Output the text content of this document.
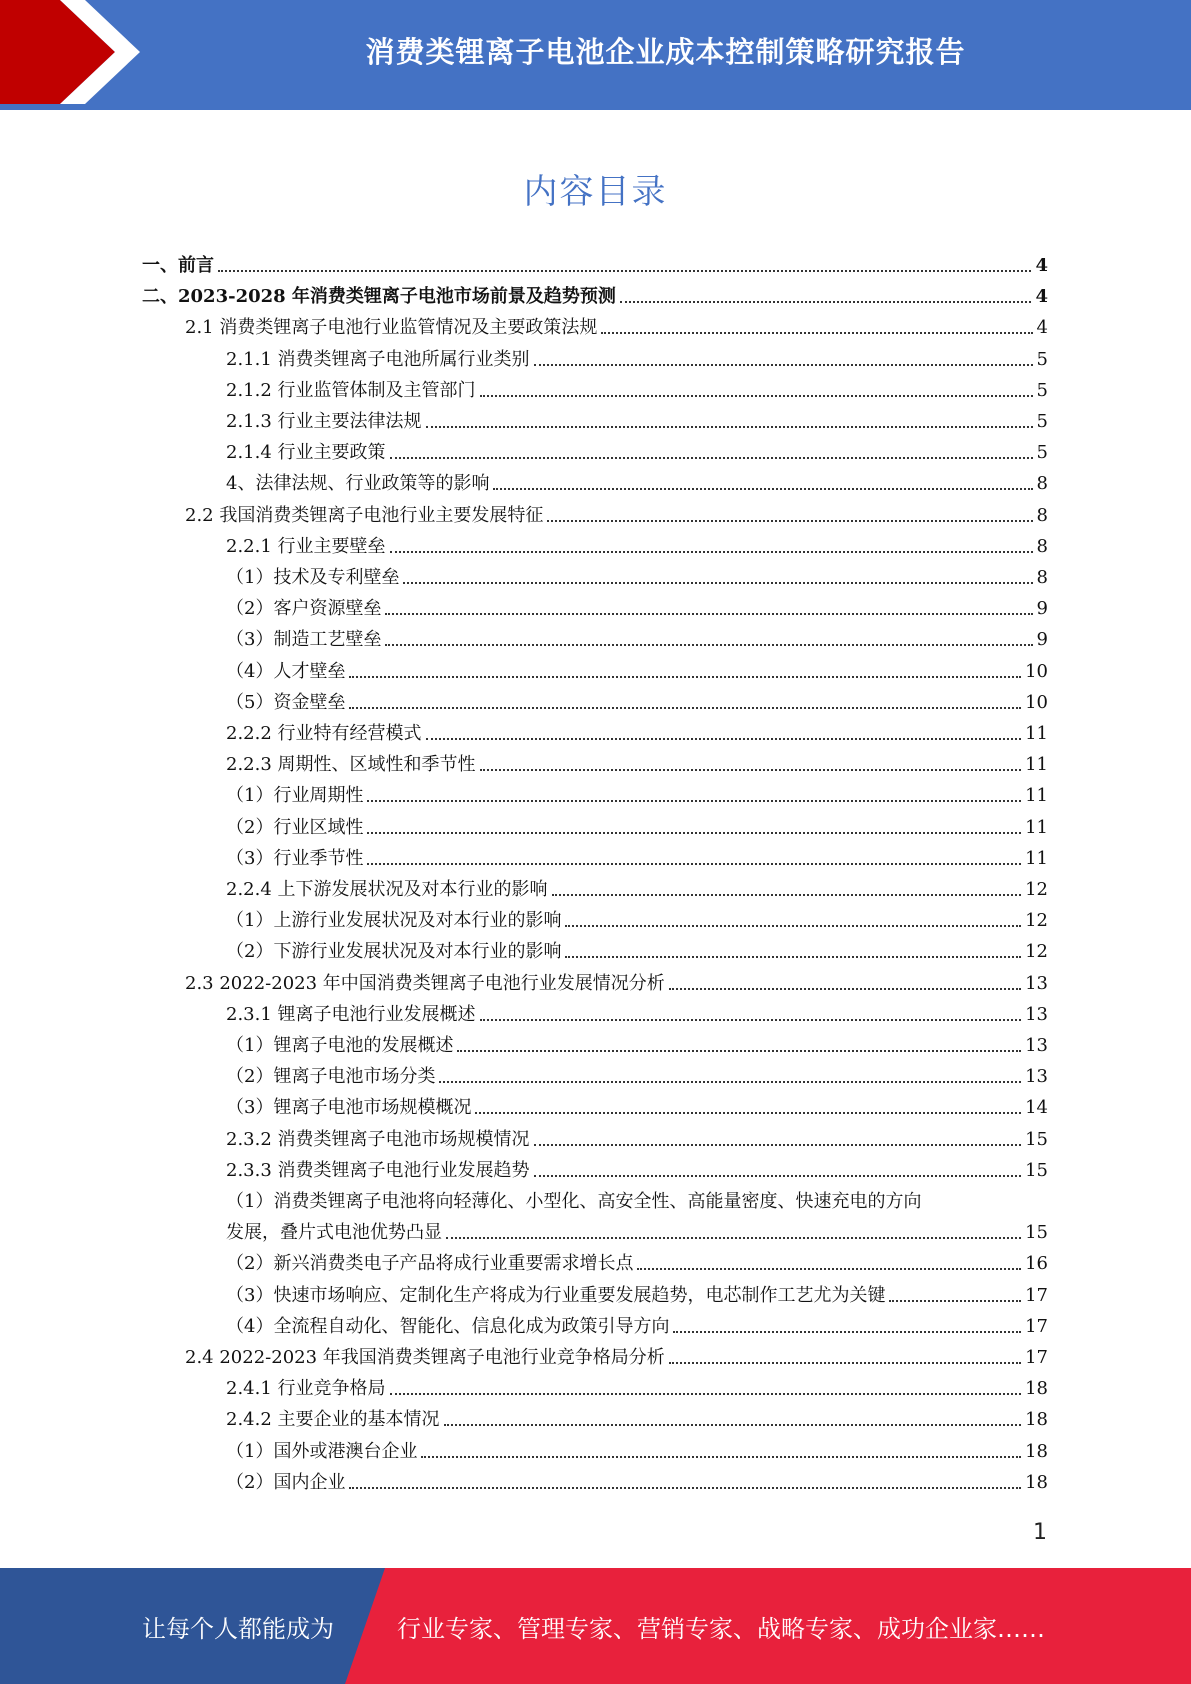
消费类锂离子电池企业成本控制策略研究报告
内容目录
一、前言	4
二、2023-2028 年消费类锂离子电池市场前景及趋势预测	4
2.1 消费类锂离子电池行业监管情况及主要政策法规	4
2.1.1 消费类锂离子电池所属行业类别	5
2.1.2 行业监管体制及主管部门	5
2.1.3 行业主要法律法规	5
2.1.4 行业主要政策	5
4、法律法规、行业政策等的影响	8
2.2 我国消费类锂离子电池行业主要发展特征	8
2.2.1 行业主要壁垒	8
（1）技术及专利壁垒	8
（2）客户资源壁垒	9
（3）制造工艺壁垒	9
（4）人才壁垒	10
（5）资金壁垒	10
2.2.2 行业特有经营模式	11
2.2.3 周期性、区域性和季节性	11
（1）行业周期性	11
（2）行业区域性	11
（3）行业季节性	11
2.2.4 上下游发展状况及对本行业的影响	12
（1）上游行业发展状况及对本行业的影响	12
（2）下游行业发展状况及对本行业的影响	12
2.3 2022-2023 年中国消费类锂离子电池行业发展情况分析	13
2.3.1 锂离子电池行业发展概述	13
（1）锂离子电池的发展概述	13
（2）锂离子电池市场分类	13
（3）锂离子电池市场规模概况	14
2.3.2 消费类锂离子电池市场规模情况	15
2.3.3 消费类锂离子电池行业发展趋势	15
（1）消费类锂离子电池将向轻薄化、小型化、高安全性、高能量密度、快速充电的方向
发展，叠片式电池优势凸显	15
（2）新兴消费类电子产品将成行业重要需求增长点	16
（3）快速市场响应、定制化生产将成为行业重要发展趋势，电芯制作工艺尤为关键	17
（4）全流程自动化、智能化、信息化成为政策引导方向	17
2.4 2022-2023 年我国消费类锂离子电池行业竞争格局分析	17
2.4.1 行业竞争格局	18
2.4.2 主要企业的基本情况	18
（1）国外或港澳台企业	18
（2）国内企业	18
1
让每个人都能成为	行业专家、管理专家、营销专家、战略专家、成功企业家……
